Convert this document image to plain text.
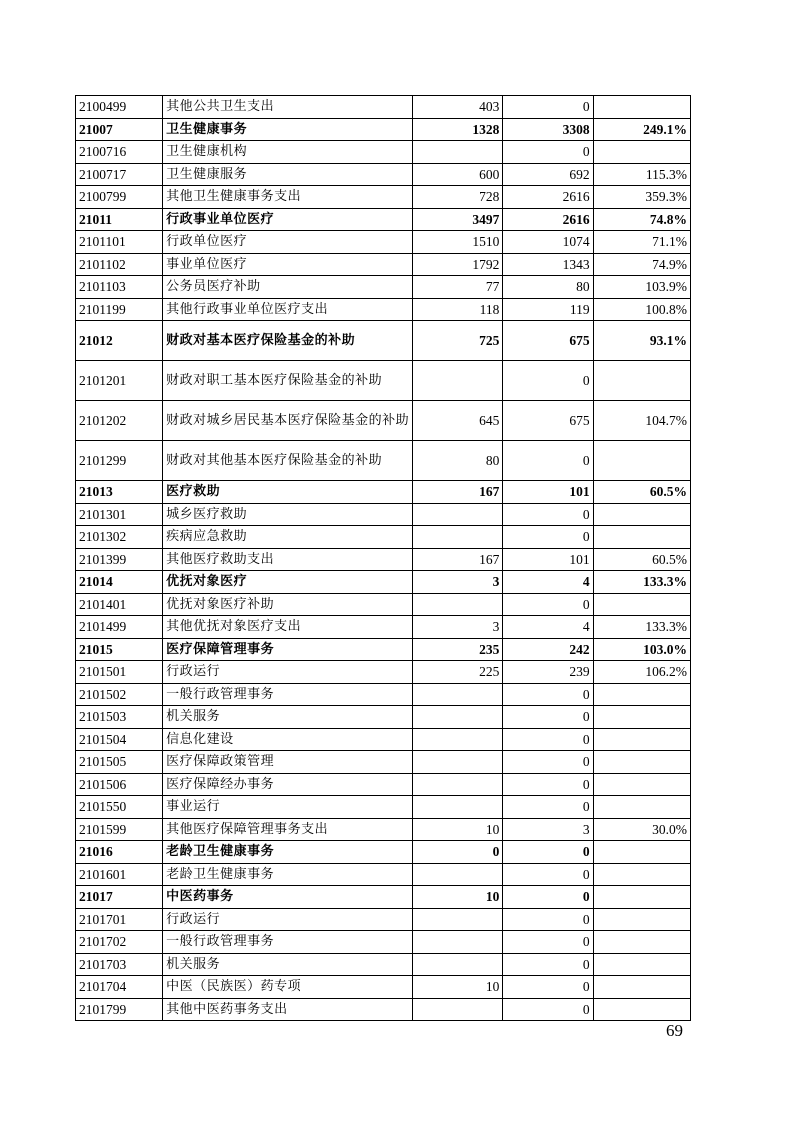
2100499	其他公共卫生支出	403	0	
21007	卫生健康事务	1328	3308	249.1%
2100716	卫生健康机构		0	
2100717	卫生健康服务	600	692	115.3%
2100799	其他卫生健康事务支出	728	2616	359.3%
21011	行政事业单位医疗	3497	2616	74.8%
2101101	行政单位医疗	1510	1074	71.1%
2101102	事业单位医疗	1792	1343	74.9%
2101103	公务员医疗补助	77	80	103.9%
2101199	其他行政事业单位医疗支出	118	119	100.8%
21012	财政对基本医疗保险基金的补助	725	675	93.1%
2101201	财政对职工基本医疗保险基金的补助		0	
2101202	财政对城乡居民基本医疗保险基金的补助	645	675	104.7%
2101299	财政对其他基本医疗保险基金的补助	80	0	
21013	医疗救助	167	101	60.5%
2101301	城乡医疗救助		0	
2101302	疾病应急救助		0	
2101399	其他医疗救助支出	167	101	60.5%
21014	优抚对象医疗	3	4	133.3%
2101401	优抚对象医疗补助		0	
2101499	其他优抚对象医疗支出	3	4	133.3%
21015	医疗保障管理事务	235	242	103.0%
2101501	行政运行	225	239	106.2%
2101502	一般行政管理事务		0	
2101503	机关服务		0	
2101504	信息化建设		0	
2101505	医疗保障政策管理		0	
2101506	医疗保障经办事务		0	
2101550	事业运行		0	
2101599	其他医疗保障管理事务支出	10	3	30.0%
21016	老龄卫生健康事务	0	0	
2101601	老龄卫生健康事务		0	
21017	中医药事务	10	0	
2101701	行政运行		0	
2101702	一般行政管理事务		0	
2101703	机关服务		0	
2101704	中医（民族医）药专项	10	0	
2101799	其他中医药事务支出		0	
69
